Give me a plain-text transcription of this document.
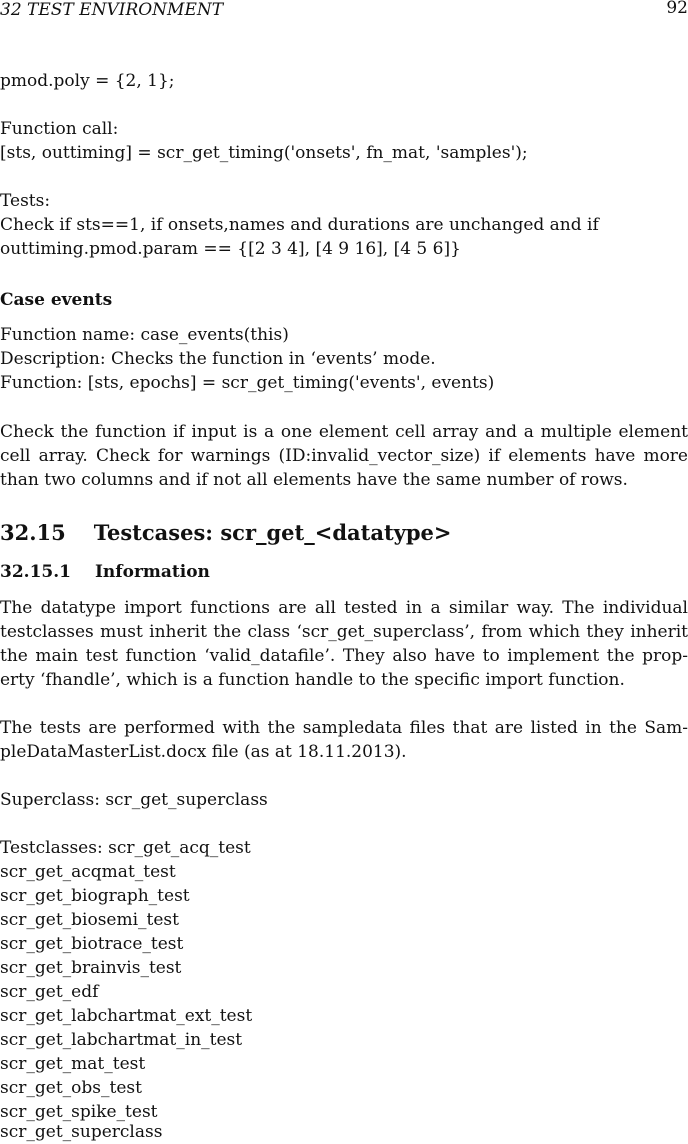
32 TEST ENVIRONMENT	92
pmod.poly = {2, 1};
Function call:
[sts, outtiming] = scr_get_timing('onsets', fn_mat, 'samples');
Tests:
Check if sts==1, if onsets,names and durations are unchanged and if
outtiming.pmod.param == {[2 3 4], [4 9 16], [4 5 6]}
Case events
Function name: case_events(this)
Description: Checks the function in ‘events’ mode.
Function: [sts, epochs] = scr_get_timing('events', events)
Check the function if input is a one element cell array and a multiple element
cell array. Check for warnings (ID:invalid_vector_size) if elements have more
than two columns and if not all elements have the same number of rows.
32.15 Testcases: scr_get_<datatype>
32.15.1 Information
The datatype import functions are all tested in a similar way. The individual
testclasses must inherit the class ‘scr_get_superclass’, from which they inherit
the main test function ‘valid_datafile’. They also have to implement the prop-
erty ‘fhandle’, which is a function handle to the specific import function.
The tests are performed with the sampledata files that are listed in the Sam-
pleDataMasterList.docx file (as at 18.11.2013).
Superclass: scr_get_superclass
Testclasses: scr_get_acq_test
scr_get_acqmat_test
scr_get_biograph_test
scr_get_biosemi_test
scr_get_biotrace_test
scr_get_brainvis_test
scr_get_edf
scr_get_labchartmat_ext_test
scr_get_labchartmat_in_test
scr_get_mat_test
scr_get_obs_test
scr_get_spike_test
scr_get_superclass
